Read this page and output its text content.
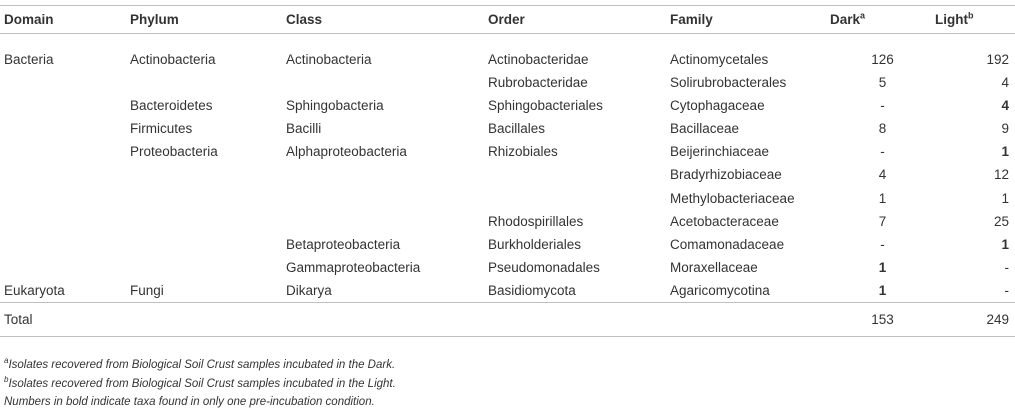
Domain	Phylum	Class	Order	Family	Dark$^a$	Light$^b$
Bacteria	Actinobacteria	Actinobacteria	Actinobacteridae	Actinomycetales	126	192
			Rubrobacteridae	Solirubrobacterales	5	4
	Bacteroidetes	Sphingobacteria	Sphingobacteriales	Cytophagaceae	-	4
	Firmicutes	Bacilli	Bacillales	Bacillaceae	8	9
	Proteobacteria	Alphaproteobacteria	Rhizobiales	Beijerinchiaceae	-	1
				Bradyrhizobiaceae	4	12
				Methylobacteriaceae	1	1
			Rhodospirillales	Acetobacteraceae	7	25
		Betaproteobacteria	Burkholderiales	Comamonadaceae	-	1
		Gammaproteobacteria	Pseudomonadales	Moraxellaceae	1	-
Eukaryota	Fungi	Dikarya	Basidiomycota	Agaricomycotina	1	-
Total					153	249
$^a$Isolates recovered from Biological Soil Crust samples incubated in the Dark.
$^b$Isolates recovered from Biological Soil Crust samples incubated in the Light.
Numbers in bold indicate taxa found in only one pre-incubation condition.
